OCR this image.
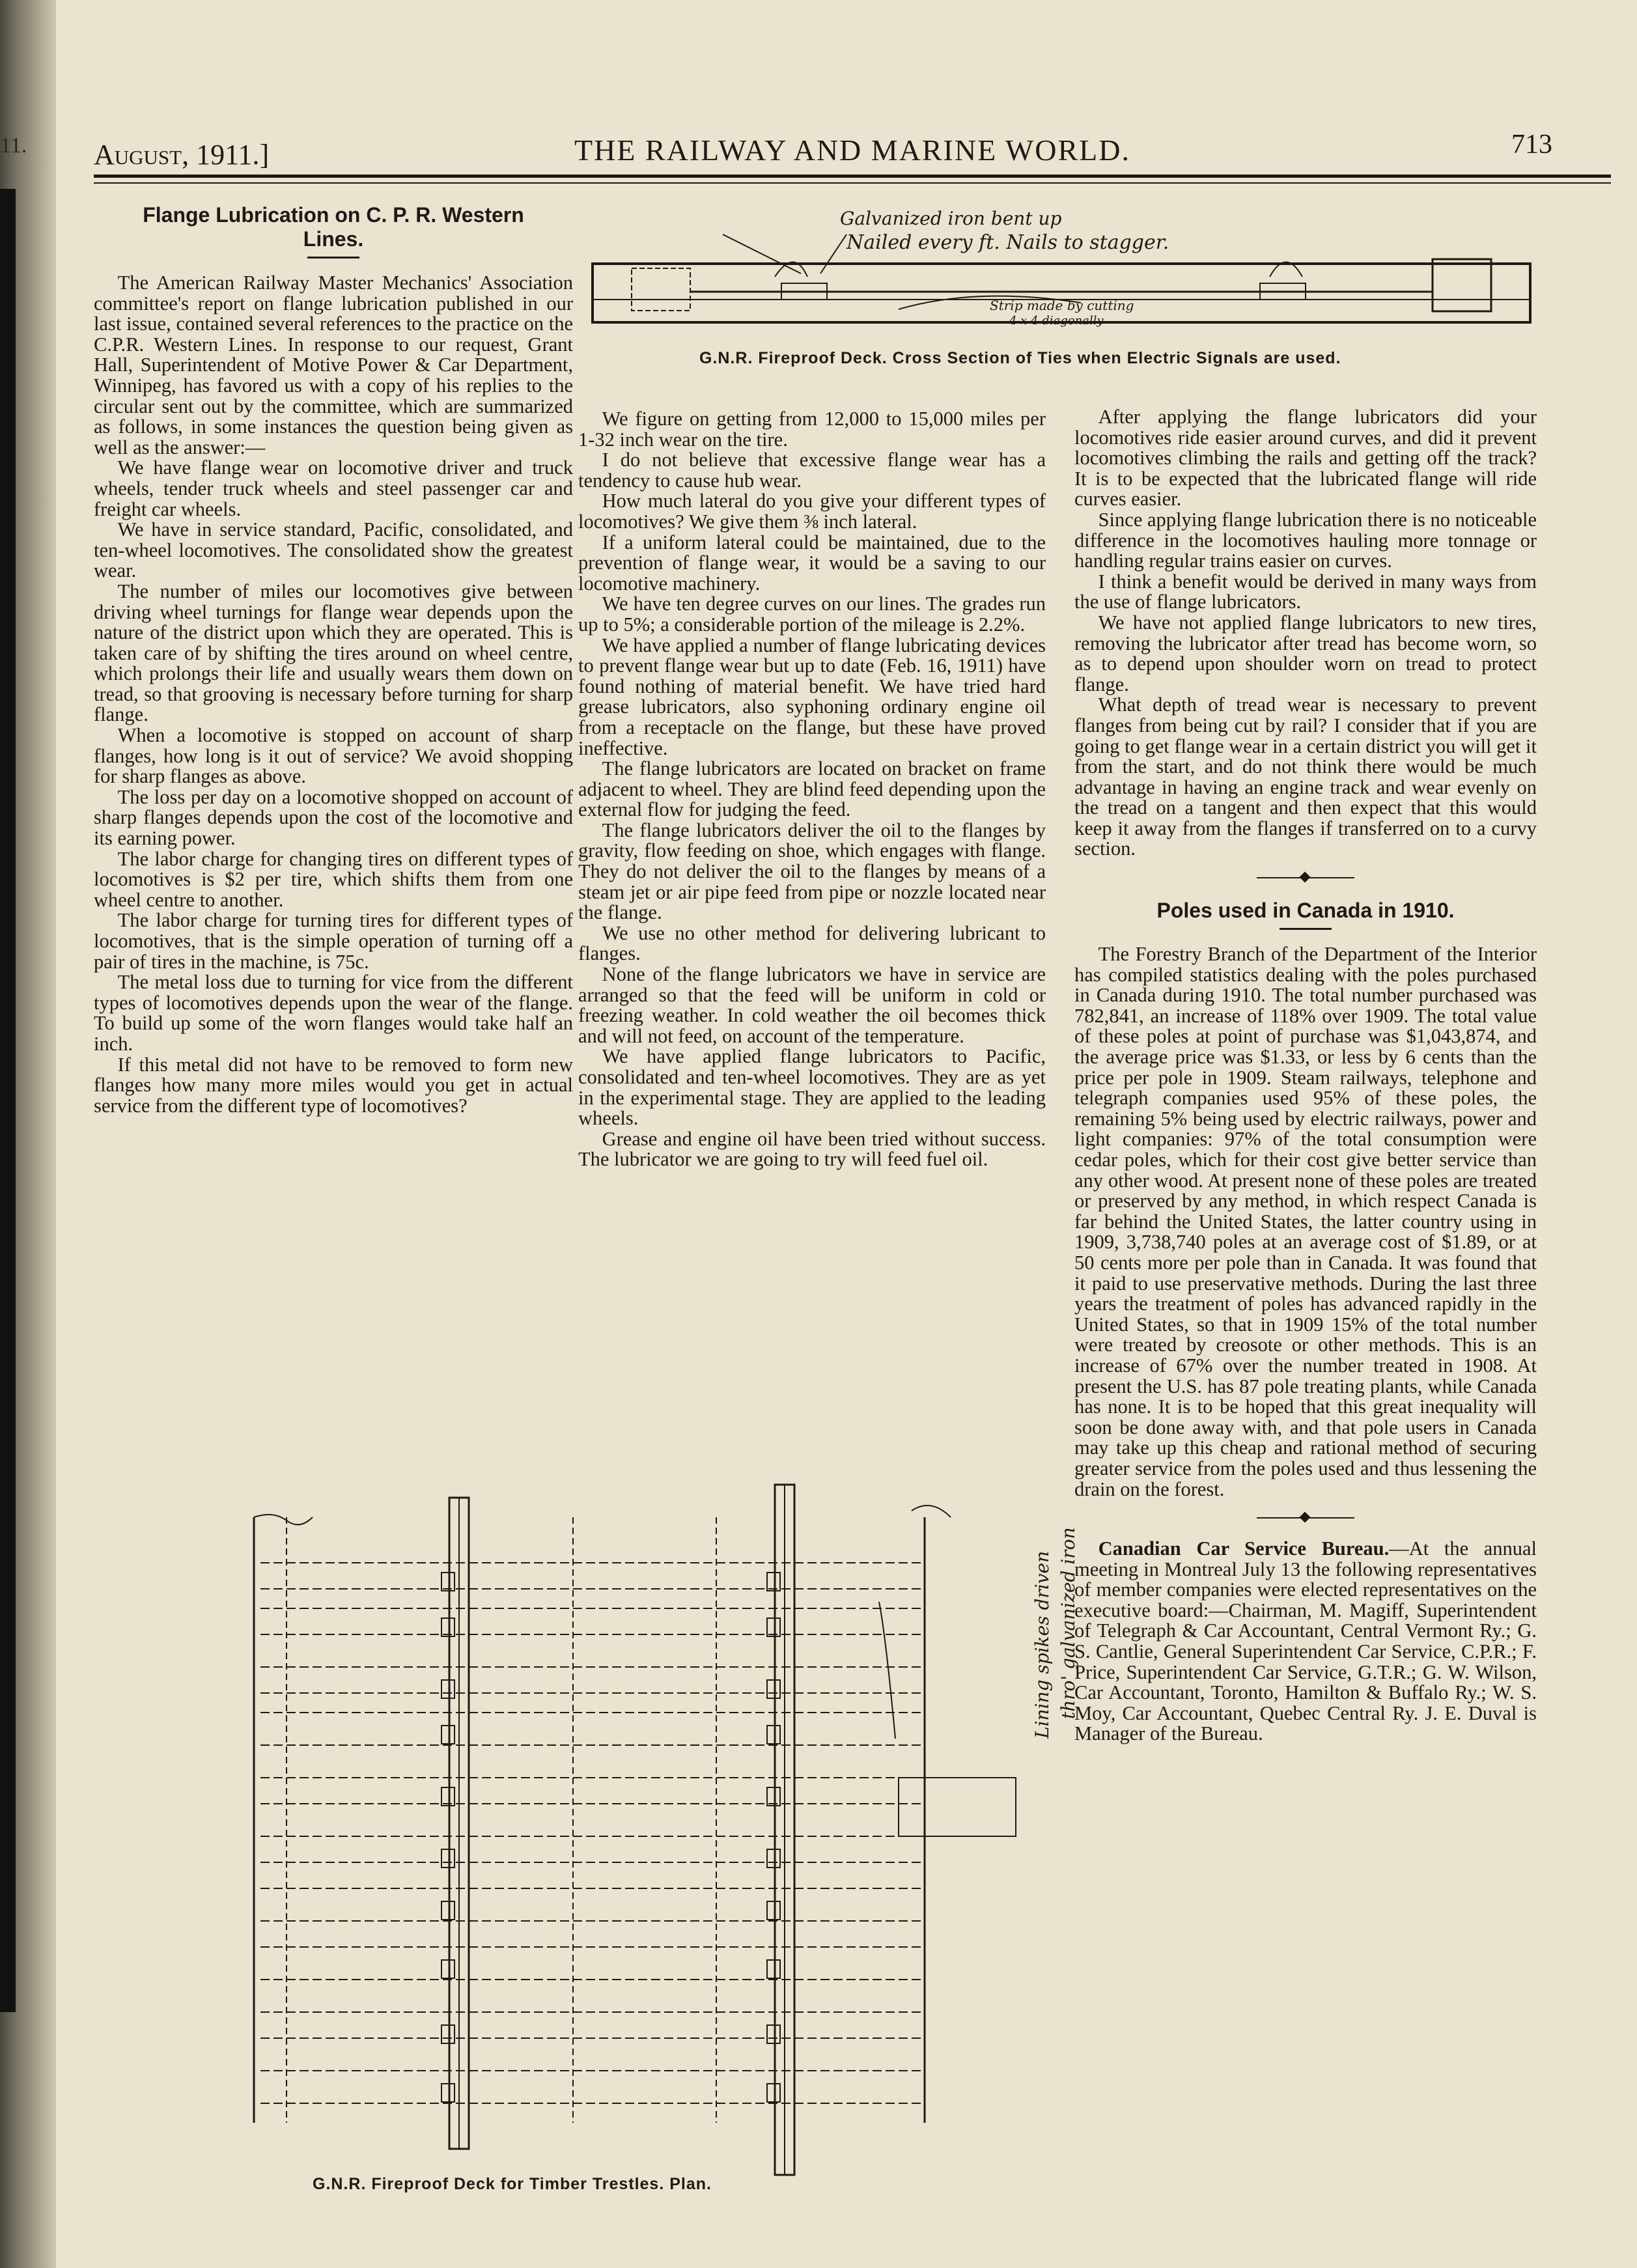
11. August, 1911.]	THE RAILWAY AND MARINE WORLD.	713
Flange Lubrication on C. P. R. Western
Lines.

The American Railway Master Mechanics' Association committee's report on flange lubrication published in our last issue, contained several references to the practice on the C.P.R. Western Lines. In response to our request, Grant Hall, Superintendent of Motive Power & Car Department, Winnipeg, has favored us with a copy of his replies to the circular sent out by the committee, which are summarized as follows, in some instances the question being given as well as the answer:—

We have flange wear on locomotive driver and truck wheels, tender truck wheels and steel passenger car and freight car wheels.

We have in service standard, Pacific, consolidated, and ten-wheel locomotives. The consolidated show the greatest wear.

The number of miles our locomotives give between driving wheel turnings for flange wear depends upon the nature of the district upon which they are operated. This is taken care of by shifting the tires around on wheel centre, which prolongs their life and usually wears them down on tread, so that grooving is necessary before turning for sharp flange.

When a locomotive is stopped on account of sharp flanges, how long is it out of service? We avoid shopping for sharp flanges as above.

The loss per day on a locomotive shopped on account of sharp flanges depends upon the cost of the locomotive and its earning power.

The labor charge for changing tires on different types of locomotives is $2 per tire, which shifts them from one wheel centre to another.

The labor charge for turning tires for different types of locomotives, that is the simple operation of turning off a pair of tires in the machine, is 75c.

The metal loss due to turning for vice from the different types of locomotives depends upon the wear of the flange. To build up some of the worn flanges would take half an inch.

If this metal did not have to be removed to form new flanges how many more miles would you get in actual service from the different type of locomotives?

Galvanized iron bent up
Nailed every ft. Nails to stagger.
Strip made by cutting
4 x 4 diagonally
G.N.R. Fireproof Deck. Cross Section of Ties when Electric Signals are used.

We figure on getting from 12,000 to 15,000 miles per 1-32 inch wear on the tire.

I do not believe that excessive flange wear has a tendency to cause hub wear.

How much lateral do you give your different types of locomotives? We give them ⅜ inch lateral.

If a uniform lateral could be maintained, due to the prevention of flange wear, it would be a saving to our locomotive machinery.

We have ten degree curves on our lines. The grades run up to 5%; a considerable portion of the mileage is 2.2%.

We have applied a number of flange lubricating devices to prevent flange wear but up to date (Feb. 16, 1911) have found nothing of material benefit. We have tried hard grease lubricators, also syphoning ordinary engine oil from a receptacle on the flange, but these have proved ineffective.

The flange lubricators are located on bracket on frame adjacent to wheel. They are blind feed depending upon the external flow for judging the feed.

The flange lubricators deliver the oil to the flanges by gravity, flow feeding on shoe, which engages with flange. They do not deliver the oil to the flanges by means of a steam jet or air pipe feed from pipe or nozzle located near the flange.

We use no other method for delivering lubricant to flanges.

None of the flange lubricators we have in service are arranged so that the feed will be uniform in cold or freezing weather. In cold weather the oil becomes thick and will not feed, on account of the temperature.

We have applied flange lubricators to Pacific, consolidated and ten-wheel locomotives. They are as yet in the experimental stage. They are applied to the leading wheels.

Grease and engine oil have been tried without success. The lubricator we are going to try will feed fuel oil.

After applying the flange lubricators did your locomotives ride easier around curves, and did it prevent locomotives climbing the rails and getting off the track? It is to be expected that the lubricated flange will ride curves easier.

Since applying flange lubrication there is no noticeable difference in the locomotives hauling more tonnage or handling regular trains easier on curves.

I think a benefit would be derived in many ways from the use of flange lubricators.

We have not applied flange lubricators to new tires, removing the lubricator after tread has become worn, so as to depend upon shoulder worn on tread to protect flange.

What depth of tread wear is necessary to prevent flanges from being cut by rail? I consider that if you are going to get flange wear in a certain district you will get it from the start, and do not think there would be much advantage in having an engine track and wear evenly on the tread on a tangent and then expect that this would keep it away from the flanges if transferred on to a curvy section.

Poles used in Canada in 1910.

The Forestry Branch of the Department of the Interior has compiled statistics dealing with the poles purchased in Canada during 1910. The total number purchased was 782,841, an increase of 118% over 1909. The total value of these poles at point of purchase was $1,043,874, and the average price was $1.33, or less by 6 cents than the price per pole in 1909. Steam railways, telephone and telegraph companies used 95% of these poles, the remaining 5% being used by electric railways, power and light companies: 97% of the total consumption were cedar poles, which for their cost give better service than any other wood. At present none of these poles are treated or preserved by any method, in which respect Canada is far behind the United States, the latter country using in 1909, 3,738,740 poles at an average cost of $1.89, or at 50 cents more per pole than in Canada. It was found that it paid to use preservative methods. During the last three years the treatment of poles has advanced rapidly in the United States, so that in 1909 15% of the total number were treated by creosote or other methods. This is an increase of 67% over the number treated in 1908. At present the U.S. has 87 pole treating plants, while Canada has none. It is to be hoped that this great inequality will soon be done away with, and that pole users in Canada may take up this cheap and rational method of securing greater service from the poles used and thus lessening the drain on the forest.

Canadian Car Service Bureau.—At the annual meeting in Montreal July 13 the following representatives of member companies were elected representatives on the executive board:—Chairman, M. Magiff, Superintendent of Telegraph & Car Accountant, Central Vermont Ry.; G. S. Cantlie, General Superintendent Car Service, C.P.R.; F. Price, Superintendent Car Service, G.T.R.; G. W. Wilson, Car Accountant, Toronto, Hamilton & Buffalo Ry.; W. S. Moy, Car Accountant, Quebec Central Ry. J. E. Duval is Manager of the Bureau.

Lining spikes driven thro' galvanized iron
G.N.R. Fireproof Deck for Timber Trestles. Plan.
